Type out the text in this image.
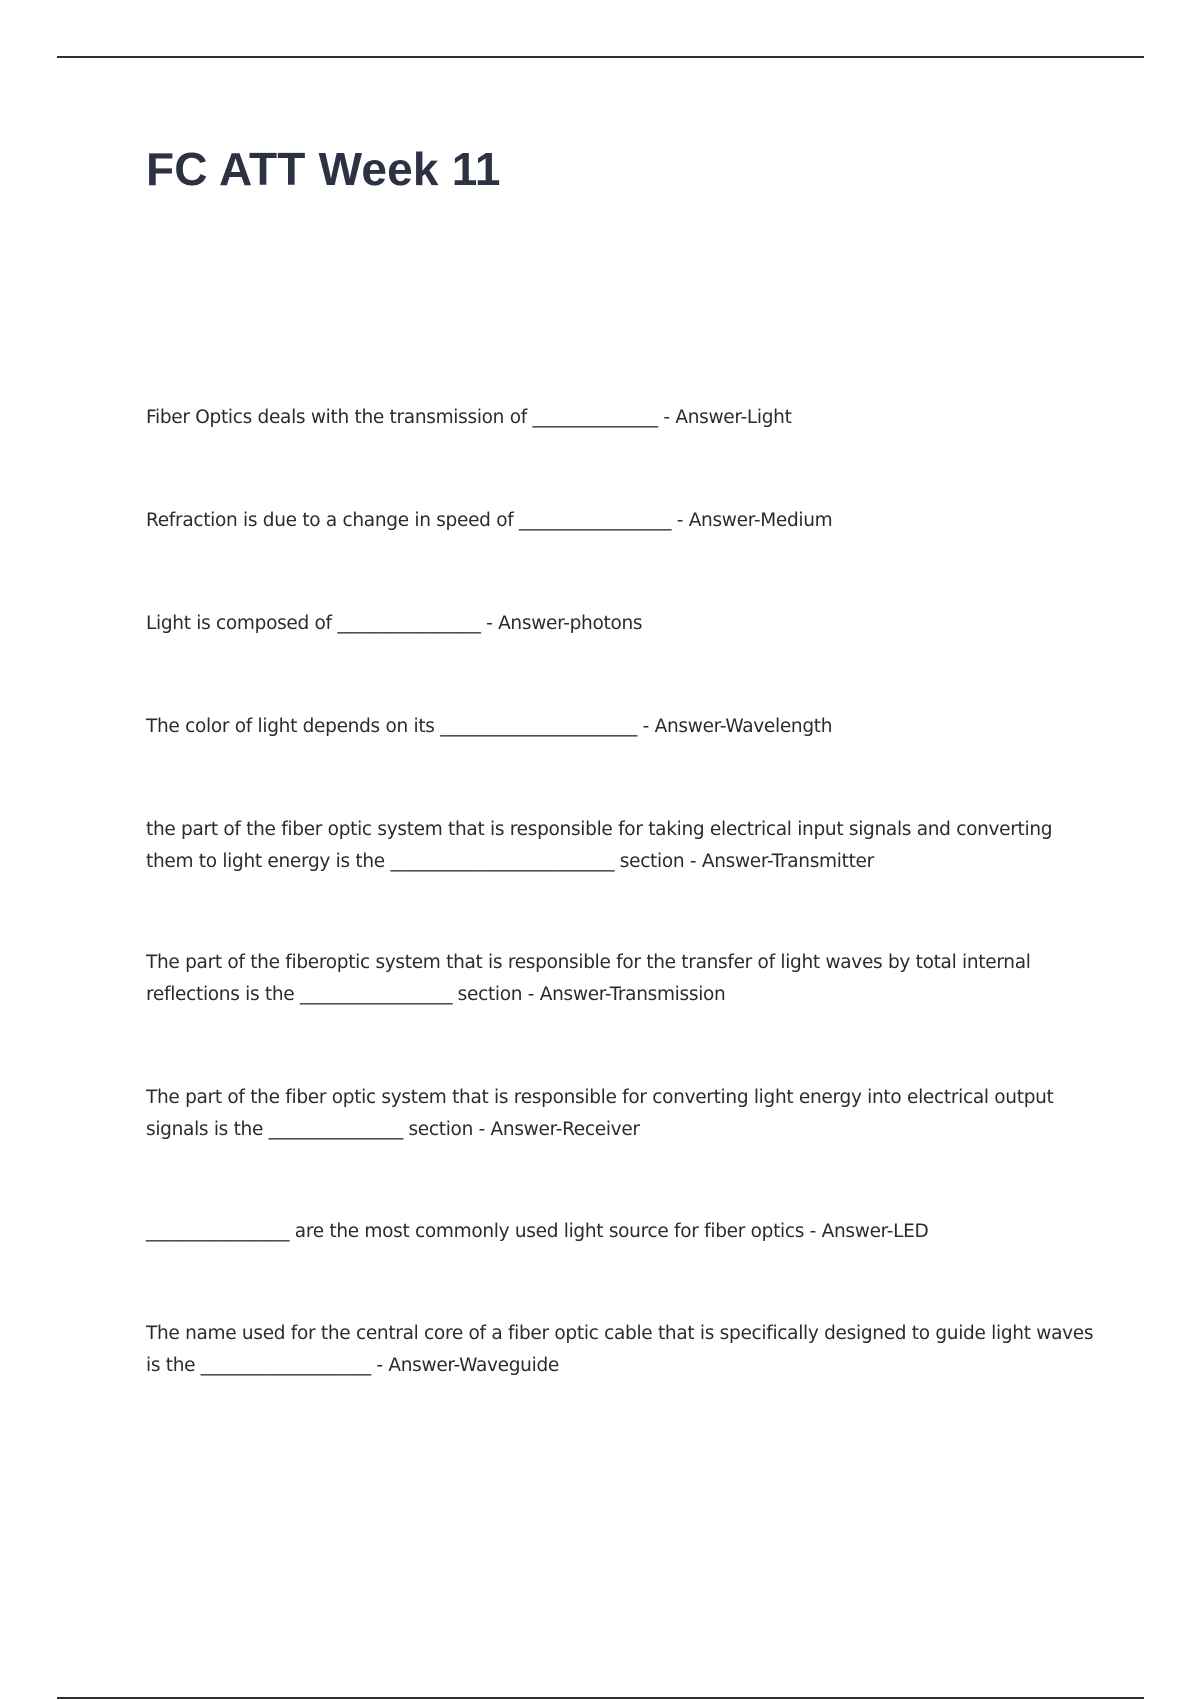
FC ATT Week 11

Fiber Optics deals with the transmission of ______________ - Answer-Light

Refraction is due to a change in speed of _________________ - Answer-Medium

Light is composed of ________________ - Answer-photons

The color of light depends on its ______________________ - Answer-Wavelength

the part of the fiber optic system that is responsible for taking electrical input signals and converting them to light energy is the _________________________ section - Answer-Transmitter

The part of the fiberoptic system that is responsible for the transfer of light waves by total internal reflections is the _________________ section - Answer-Transmission

The part of the fiber optic system that is responsible for converting light energy into electrical output signals is the _______________ section - Answer-Receiver

________________ are the most commonly used light source for fiber optics - Answer-LED

The name used for the central core of a fiber optic cable that is specifically designed to guide light waves is the ___________________ - Answer-Waveguide
